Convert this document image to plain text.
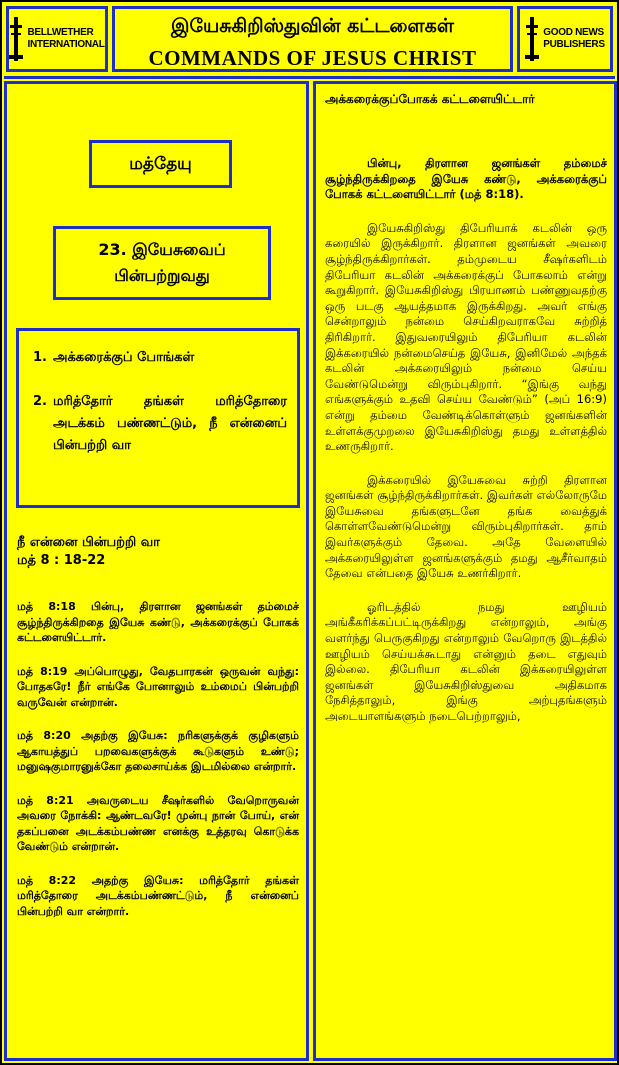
BELLWETHER
INTERNATIONAL
இயேசுகிறிஸ்துவின் கட்டளைகள்
COMMANDS OF JESUS CHRIST
GOOD NEWS
PUBLISHERS
மத்தேயு
23. இயேசுவைப்
பின்பற்றுவது
1. அக்கரைக்குப் போங்கள்
2. மரித்தோர் தங்கள் மரித்தோரை அடக்கம் பண்ணட்டும், நீ என்னைப் பின்பற்றி வா
நீ என்னை பின்பற்றி வா
மத் 8 : 18-22
மத் 8:18 பின்பு, திரளான ஜனங்கள் தம்மைச் சூழ்ந்திருக்கிறதை இயேசு கண்டு, அக்கரைக்குப் போகக் கட்டளையிட்டார்.
மத் 8:19 அப்பொழுது, வேதபாரகன் ஒருவன் வந்து: போதகரே! நீர் எங்கே போனாலும் உம்மைப் பின்பற்றி வருவேன் என்றான்.
மத் 8:20 அதற்கு இயேசு: நரிகளுக்குக் குழிகளும் ஆகாயத்துப் பறவைகளுக்குக் கூடுகளும் உண்டு; மனுஷகுமாரனுக்கோ தலைசாய்க்க இடமில்லை என்றார்.
மத் 8:21 அவருடைய சீஷர்களில் வேறொருவன் அவரை நோக்கி: ஆண்டவரே! முன்பு நான் போய், என் தகப்பனை அடக்கம்பண்ண எனக்கு உத்தரவு கொடுக்க வேண்டும் என்றான்.
மத் 8:22 அதற்கு இயேசு: மரித்தோர் தங்கள் மரித்தோரை அடக்கம்பண்ணட்டும், நீ என்னைப் பின்பற்றி வா என்றார்.
அக்கரைக்குப்போகக் கட்டளையிட்டார்

பின்பு, திரளான ஜனங்கள் தம்மைச் சூழ்ந்திருக்கிறதை இயேசு கண்டு, அக்கரைக்குப் போகக் கட்டளையிட்டார் (மத் 8:18).

இயேசுகிறிஸ்து திபேரியாக் கடலின் ஒரு கரையில் இருக்கிறார். திரளான ஜனங்கள் அவரை சூழ்ந்திருக்கிறார்கள். தம்முடைய சீஷர்களிடம் திபேரியா கடலின் அக்கரைக்குப் போகலாம் என்று கூறுகிறார். இயேசுகிறிஸ்து பிரயாணம் பண்ணுவதற்கு ஒரு படகு ஆயத்தமாக இருக்கிறது. அவர் எங்கு சென்றாலும் நன்மை செய்கிறவராகவே சுற்றித் திரிகிறார். இதுவரையிலும் திபேரியா கடலின் இக்கரையில் நன்மைசெய்த இயேசு, இனிமேல் அந்தக் கடலின் அக்கரையிலும் நன்மை செய்ய வேண்டுமென்று விரும்புகிறார். “இங்கு வந்து எங்களுக்கும் உதவி செய்ய வேண்டும்” (அப் 16:9) என்று தம்மை வேண்டிக்கொள்ளும் ஜனங்களின் உள்ளக்குமுறலை இயேசுகிறிஸ்து தமது உள்ளத்தில் உணருகிறார்.

இக்கரையில் இயேசுவை சுற்றி திரளான ஜனங்கள் சூழ்ந்திருக்கிறார்கள். இவர்கள் எல்லோருமே இயேசுவை தங்களுடனே தங்க வைத்துக் கொள்ளவேண்டுமென்று விரும்புகிறார்கள். தாம் இவர்களுக்கும் தேவை. அதே வேளையில் அக்கரையிலுள்ள ஜனங்களுக்கும் தமது ஆசீர்வாதம் தேவை என்பதை இயேசு உணர்கிறார்.

ஓரிடத்தில் நமது ஊழியம் அங்கீகரிக்கப்பட்டிருக்கிறது என்றாலும், அங்கு வளர்ந்து பெருகுகிறது என்றாலும் வேறொரு இடத்தில் ஊழியம் செய்யக்கூடாது என்னும் தடை எதுவும் இல்லை. திபேரியா கடலின் இக்கரையிலுள்ள ஜனங்கள் இயேசுகிறிஸ்துவை அதிகமாக நேசித்தாலும், இங்கு அற்புதங்களும் அடையாளங்களும் நடைபெற்றாலும்,
